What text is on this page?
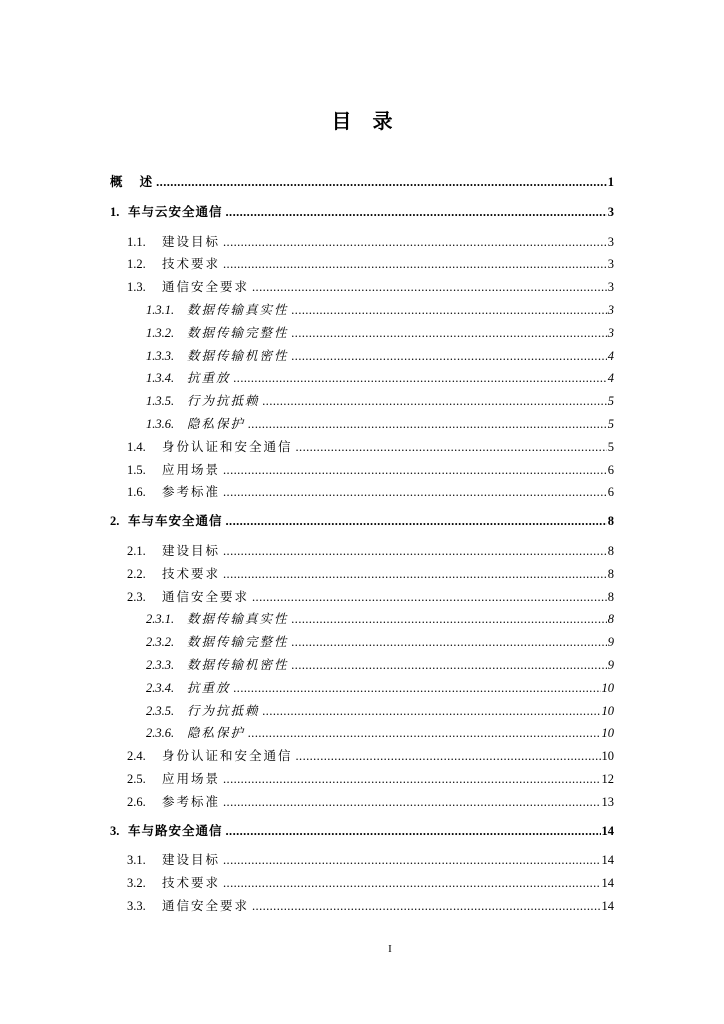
目 录
概 述 .....	1
1. 车与云安全通信 .....	3
1.1.	建设目标 .....	3
1.2.	技术要求 .....	3
1.3.	通信安全要求 .....	3
1.3.1.	数据传输真实性 .....	3
1.3.2.	数据传输完整性 .....	3
1.3.3.	数据传输机密性 .....	4
1.3.4.	抗重放 .....	4
1.3.5.	行为抗抵赖 .....	5
1.3.6.	隐私保护 .....	5
1.4.	身份认证和安全通信 .....	5
1.5.	应用场景 .....	6
1.6.	参考标准 .....	6
2. 车与车安全通信 .....	8
2.1.	建设目标 .....	8
2.2.	技术要求 .....	8
2.3.	通信安全要求 .....	8
2.3.1.	数据传输真实性 .....	8
2.3.2.	数据传输完整性 .....	9
2.3.3.	数据传输机密性 .....	9
2.3.4.	抗重放 .....	10
2.3.5.	行为抗抵赖 .....	10
2.3.6.	隐私保护 .....	10
2.4.	身份认证和安全通信 .....	10
2.5.	应用场景 .....	12
2.6.	参考标准 .....	13
3. 车与路安全通信 .....	14
3.1.	建设目标 .....	14
3.2.	技术要求 .....	14
3.3.	通信安全要求 .....	14
I
